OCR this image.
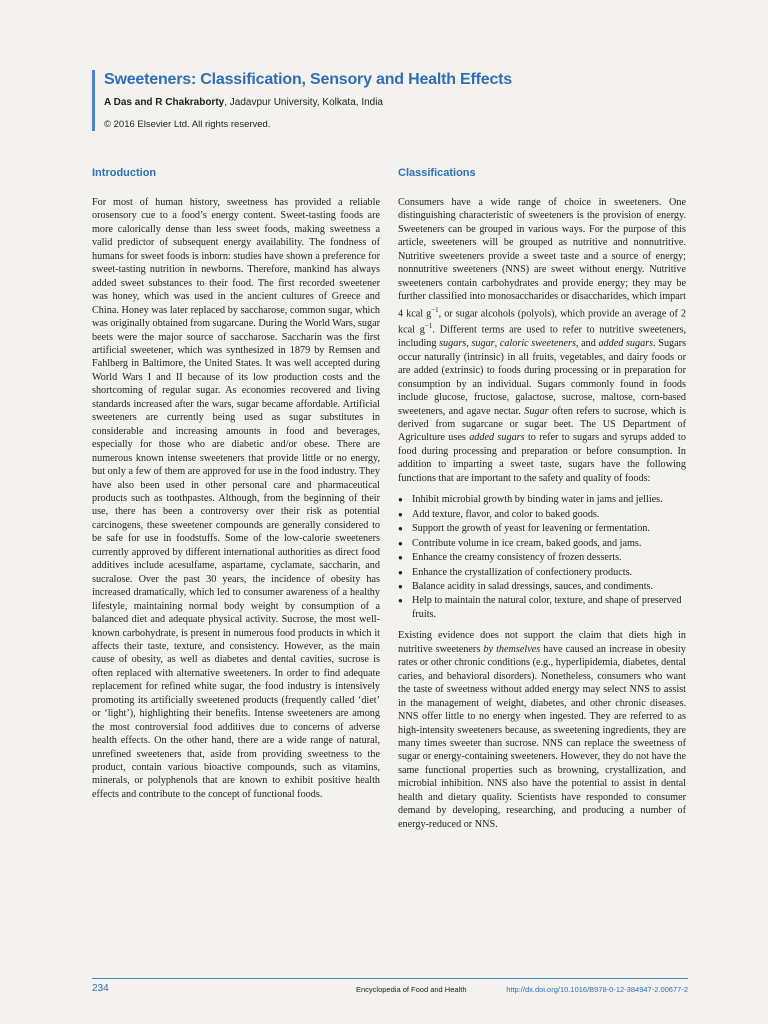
Sweeteners: Classification, Sensory and Health Effects

A Das and R Chakraborty, Jadavpur University, Kolkata, India

© 2016 Elsevier Ltd. All rights reserved.

Introduction

For most of human history, sweetness has provided a reliable orosensory cue to a food’s energy content. Sweet-tasting foods are more calorically dense than less sweet foods, making sweetness a valid predictor of subsequent energy availability. The fondness of humans for sweet foods is inborn: studies have shown a preference for sweet-tasting nutrition in newborns. Therefore, mankind has always added sweet substances to their food. The first recorded sweetener was honey, which was used in the ancient cultures of Greece and China. Honey was later replaced by saccharose, common sugar, which was originally obtained from sugarcane. During the World Wars, sugar beets were the major source of saccharose. Saccharin was the first artificial sweetener, which was synthesized in 1879 by Remsen and Fahlberg in Baltimore, the United States. It was well accepted during World Wars I and II because of its low production costs and the shortcoming of regular sugar. As economies recovered and living standards increased after the wars, sugar became affordable. Artificial sweeteners are currently being used as sugar substitutes in considerable and increasing amounts in food and beverages, especially for those who are diabetic and/or obese. There are numerous known intense sweeteners that provide little or no energy, but only a few of them are approved for use in the food industry. They have also been used in other personal care and pharmaceutical products such as toothpastes. Although, from the beginning of their use, there has been a controversy over their risk as potential carcinogens, these sweetener compounds are generally considered to be safe for use in foodstuffs. Some of the low-calorie sweeteners currently approved by different international authorities as direct food additives include acesulfame, aspartame, cyclamate, saccharin, and sucralose. Over the past 30 years, the incidence of obesity has increased dramatically, which led to consumer awareness of a healthy lifestyle, maintaining normal body weight by consumption of a balanced diet and adequate physical activity. Sucrose, the most well-known carbohydrate, is present in numerous food products in which it affects their taste, texture, and consistency. However, as the main cause of obesity, as well as diabetes and dental cavities, sucrose is often replaced with alternative sweeteners. In order to find adequate replacement for refined white sugar, the food industry is intensively promoting its artificially sweetened products (frequently called ‘diet’ or ‘light’), highlighting their benefits. Intense sweeteners are among the most controversial food additives due to concerns of adverse health effects. On the other hand, there are a wide range of natural, unrefined sweeteners that, aside from providing sweetness to the product, contain various bioactive compounds, such as vitamins, minerals, or polyphenols that are known to exhibit positive health effects and contribute to the concept of functional foods.

Classifications

Consumers have a wide range of choice in sweeteners. One distinguishing characteristic of sweeteners is the provision of energy. Sweeteners can be grouped in various ways. For the purpose of this article, sweeteners will be grouped as nutritive and nonnutritive. Nutritive sweeteners provide a sweet taste and a source of energy; nonnutritive sweeteners (NNS) are sweet without energy. Nutritive sweeteners contain carbohydrates and provide energy; they may be further classified into monosaccharides or disaccharides, which impart 4 kcal $g^{-1}$, or sugar alcohols (polyols), which provide an average of 2 kcal $g^{-1}$. Different terms are used to refer to nutritive sweeteners, including sugars, sugar, caloric sweeteners, and added sugars. Sugars occur naturally (intrinsic) in all fruits, vegetables, and dairy foods or are added (extrinsic) to foods during processing or in preparation for consumption by an individual. Sugars commonly found in foods include glucose, fructose, galactose, sucrose, maltose, corn-based sweeteners, and agave nectar. Sugar often refers to sucrose, which is derived from sugarcane or sugar beet. The US Department of Agriculture uses added sugars to refer to sugars and syrups added to food during processing and preparation or before consumption. In addition to imparting a sweet taste, sugars have the following functions that are important to the safety and quality of foods:

● Inhibit microbial growth by binding water in jams and jellies.
● Add texture, flavor, and color to baked goods.
● Support the growth of yeast for leavening or fermentation.
● Contribute volume in ice cream, baked goods, and jams.
● Enhance the creamy consistency of frozen desserts.
● Enhance the crystallization of confectionery products.
● Balance acidity in salad dressings, sauces, and condiments.
● Help to maintain the natural color, texture, and shape of preserved fruits.

Existing evidence does not support the claim that diets high in nutritive sweeteners by themselves have caused an increase in obesity rates or other chronic conditions (e.g., hyperlipidemia, diabetes, dental caries, and behavioral disorders). Nonetheless, consumers who want the taste of sweetness without added energy may select NNS to assist in the management of weight, diabetes, and other chronic diseases. NNS offer little to no energy when ingested. They are referred to as high-intensity sweeteners because, as sweetening ingredients, they are many times sweeter than sucrose. NNS can replace the sweetness of sugar or energy-containing sweeteners. However, they do not have the same functional properties such as browning, crystallization, and microbial inhibition. NNS also have the potential to assist in dental health and dietary quality. Scientists have responded to consumer demand by developing, researching, and producing a number of energy-reduced or NNS.

234	Encyclopedia of Food and Health	http://dx.doi.org/10.1016/B978-0-12-384947-2.00677-2
